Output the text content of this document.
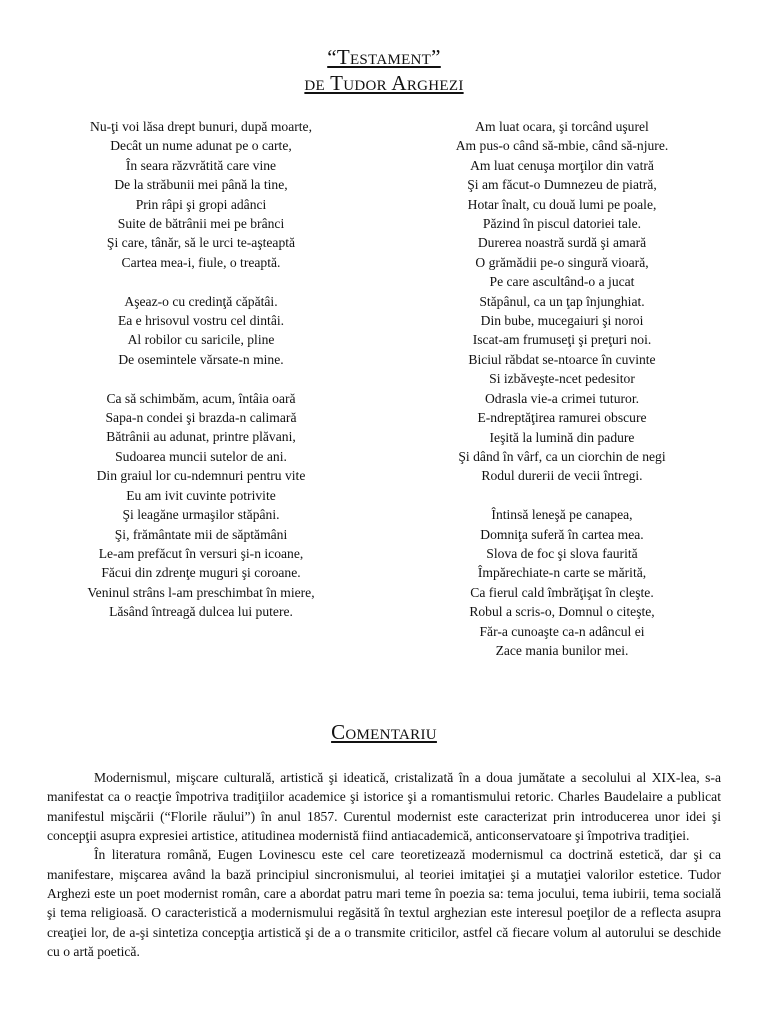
“Testament”
de Tudor Arghezi
Nu-ţi voi lăsa drept bunuri, după moarte,
Decât un nume adunat pe o carte,
În seara răzvrătită care vine
De la străbunii mei până la tine,
Prin râpi şi gropi adânci
Suite de bătrânii mei pe brânci
Şi care, tânăr, să le urci te-aşteaptă
Cartea mea-i, fiule, o treaptă.
Aşeaz-o cu credinţă căpătâi.
Ea e hrisovul vostru cel dintâi.
Al robilor cu saricile, pline
De osemintele vărsate-n mine.
Ca să schimbăm, acum, întâia oară
Sapa-n condei şi brazda-n calimară
Bătrânii au adunat, printre plăvani,
Sudoarea muncii sutelor de ani.
Din graiul lor cu-ndemnuri pentru vite
Eu am ivit cuvinte potrivite
Şi leagăne urmaşilor stăpâni.
Şi, frământate mii de săptămâni
Le-am prefăcut în versuri şi-n icoane,
Făcui din zdrenţe muguri şi coroane.
Veninul strâns l-am preschimbat în miere,
Lăsând întreagă dulcea lui putere.
Am luat ocara, şi torcând uşurel
Am pus-o când să-mbie, când să-njure.
Am luat cenuşa morţilor din vatră
Şi am făcut-o Dumnezeu de piatră,
Hotar înalt, cu două lumi pe poale,
Păzind în piscul datoriei tale.
Durerea noastră surdă şi amară
O grămădii pe-o singură vioară,
Pe care ascultând-o a jucat
Stăpânul, ca un ţap înjunghiat.
Din bube, mucegaiuri şi noroi
Iscat-am frumuseţi şi preţuri noi.
Biciul răbdat se-ntoarce în cuvinte
Si izbăveşte-ncet pedesitor
Odrasla vie-a crimei tuturor.
E-ndreptăţirea ramurei obscure
Ieşită la lumină din padure
Şi dând în vârf, ca un ciorchin de negi
Rodul durerii de vecii întregi.
Întinsă leneşă pe canapea,
Domniţa suferă în cartea mea.
Slova de foc şi slova faurită
Împărechiate-n carte se mărită,
Ca fierul cald îmbrăţişat în cleşte.
Robul a scris-o, Domnul o citeşte,
Făr-a cunoaşte ca-n adâncul ei
Zace mania bunilor mei.
Comentariu

Modernismul, mişcare culturală, artistică şi ideatică, cristalizată în a doua jumătate a secolului al XIX-lea, s-a manifestat ca o reacţie împotriva tradiţiilor academice şi istorice şi a romantismului retoric. Charles Baudelaire a publicat manifestul mişcării (“Florile răului”) în anul 1857. Curentul modernist este caracterizat prin introducerea unor idei şi concepţii asupra expresiei artistice, atitudinea modernistă fiind antiacademică, anticonservatoare şi împotriva tradiţiei.

În literatura română, Eugen Lovinescu este cel care teoretizează modernismul ca doctrină estetică, dar şi ca manifestare, mişcarea având la bază principiul sincronismului, al teoriei imitaţiei şi a mutaţiei valorilor estetice. Tudor Arghezi este un poet modernist român, care a abordat patru mari teme în poezia sa: tema jocului, tema iubirii, tema socială şi tema religioasă. O caracteristică a modernismului regăsită în textul arghezian este interesul poeţilor de a reflecta asupra creaţiei lor, de a-şi sintetiza concepţia artistică şi de a o transmite criticilor, astfel că fiecare volum al autorului se deschide cu o artă poetică.
